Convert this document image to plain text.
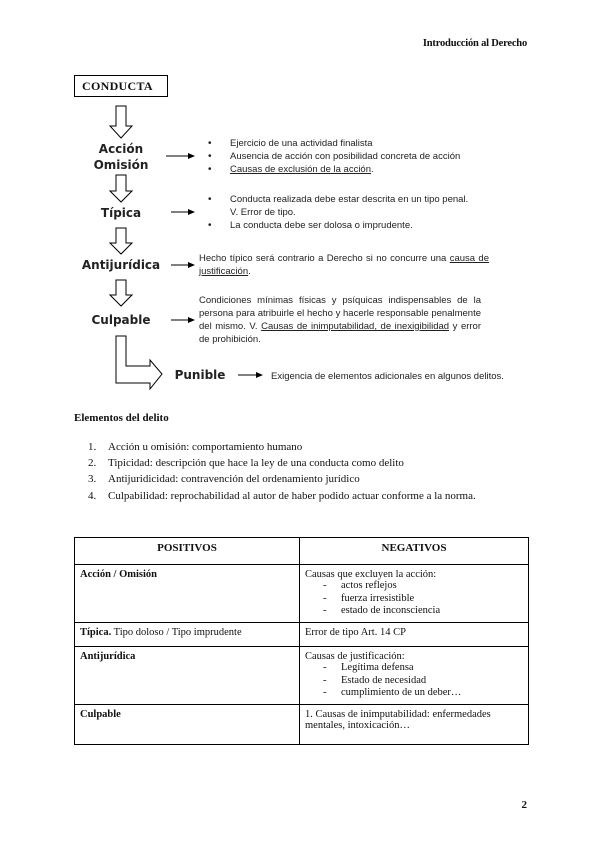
Introducción al Derecho
CONDUCTA
Acción
Omisión
Típica
Antijurídica
Culpable
Punible
• Ejercicio de una actividad finalista
• Ausencia de acción con posibilidad concreta de acción
• Causas de exclusión de la acción.
• Conducta realizada debe estar descrita en un tipo penal.
V. Error de tipo.
• La conducta debe ser dolosa o imprudente.
Hecho típico será contrario a Derecho si no concurre una causa de justificación.
Condiciones mínimas físicas y psíquicas indispensables de la persona para atribuirle el hecho y hacerle responsable penalmente del mismo. V. Causas de inimputabilidad, de inexigibilidad y error de prohibición.
Exigencia de elementos adicionales en algunos delitos.
Elementos del delito
1. Acción u omisión: comportamiento humano
2. Tipicidad: descripción que hace la ley de una conducta como delito
3. Antijuridicidad: contravención del ordenamiento jurídico
4. Culpabilidad: reprochabilidad al autor de haber podido actuar conforme a la norma.
POSITIVOS	NEGATIVOS
Acción / Omisión	Causas que excluyen la acción:
- actos reflejos
- fuerza irresistible
- estado de inconsciencia

Típica. Tipo doloso / Tipo imprudente	Error de tipo Art. 14 CP

Antijurídica	Causas de justificación:
- Legítima defensa
- Estado de necesidad
- cumplimiento de un deber…

Culpable	1. Causas de inimputabilidad: enfermedades mentales, intoxicación…
2
